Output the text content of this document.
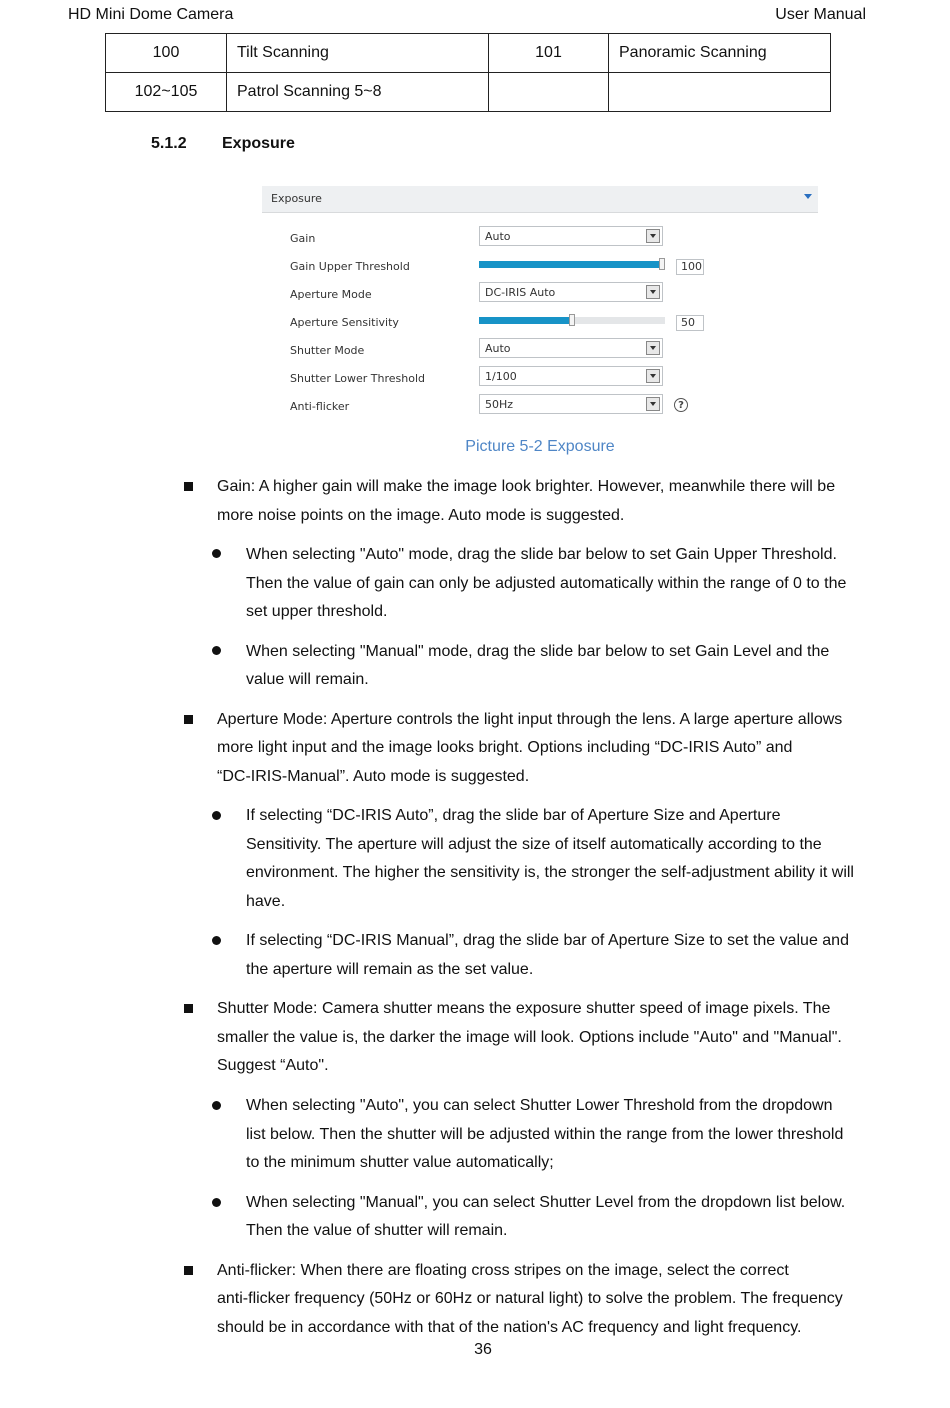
HD Mini Dome Camera	User Manual
100	Tilt Scanning	101	Panoramic Scanning
102~105	Patrol Scanning 5~8		
5.1.2 Exposure
Exposure
Gain	Auto
Gain Upper Threshold	100
Aperture Mode	DC-IRIS Auto
Aperture Sensitivity	50
Shutter Mode	Auto
Shutter Lower Threshold	1/100
Anti-flicker	50Hz	?
Picture 5-2 Exposure
Gain: A higher gain will make the image look brighter. However, meanwhile there will be
more noise points on the image. Auto mode is suggested.
When selecting "Auto" mode, drag the slide bar below to set Gain Upper Threshold.
Then the value of gain can only be adjusted automatically within the range of 0 to the
set upper threshold.
When selecting "Manual" mode, drag the slide bar below to set Gain Level and the
value will remain.
Aperture Mode: Aperture controls the light input through the lens. A large aperture allows
more light input and the image looks bright. Options including “DC-IRIS Auto” and
“DC-IRIS-Manual”. Auto mode is suggested.
If selecting “DC-IRIS Auto”, drag the slide bar of Aperture Size and Aperture
Sensitivity. The aperture will adjust the size of itself automatically according to the
environment. The higher the sensitivity is, the stronger the self-adjustment ability it will
have.
If selecting “DC-IRIS Manual”, drag the slide bar of Aperture Size to set the value and
the aperture will remain as the set value.
Shutter Mode: Camera shutter means the exposure shutter speed of image pixels. The
smaller the value is, the darker the image will look. Options include "Auto" and "Manual".
Suggest “Auto".
When selecting "Auto", you can select Shutter Lower Threshold from the dropdown
list below. Then the shutter will be adjusted within the range from the lower threshold
to the minimum shutter value automatically;
When selecting "Manual", you can select Shutter Level from the dropdown list below.
Then the value of shutter will remain.
Anti-flicker: When there are floating cross stripes on the image, select the correct
anti-flicker frequency (50Hz or 60Hz or natural light) to solve the problem. The frequency
should be in accordance with that of the nation's AC frequency and light frequency.
36
